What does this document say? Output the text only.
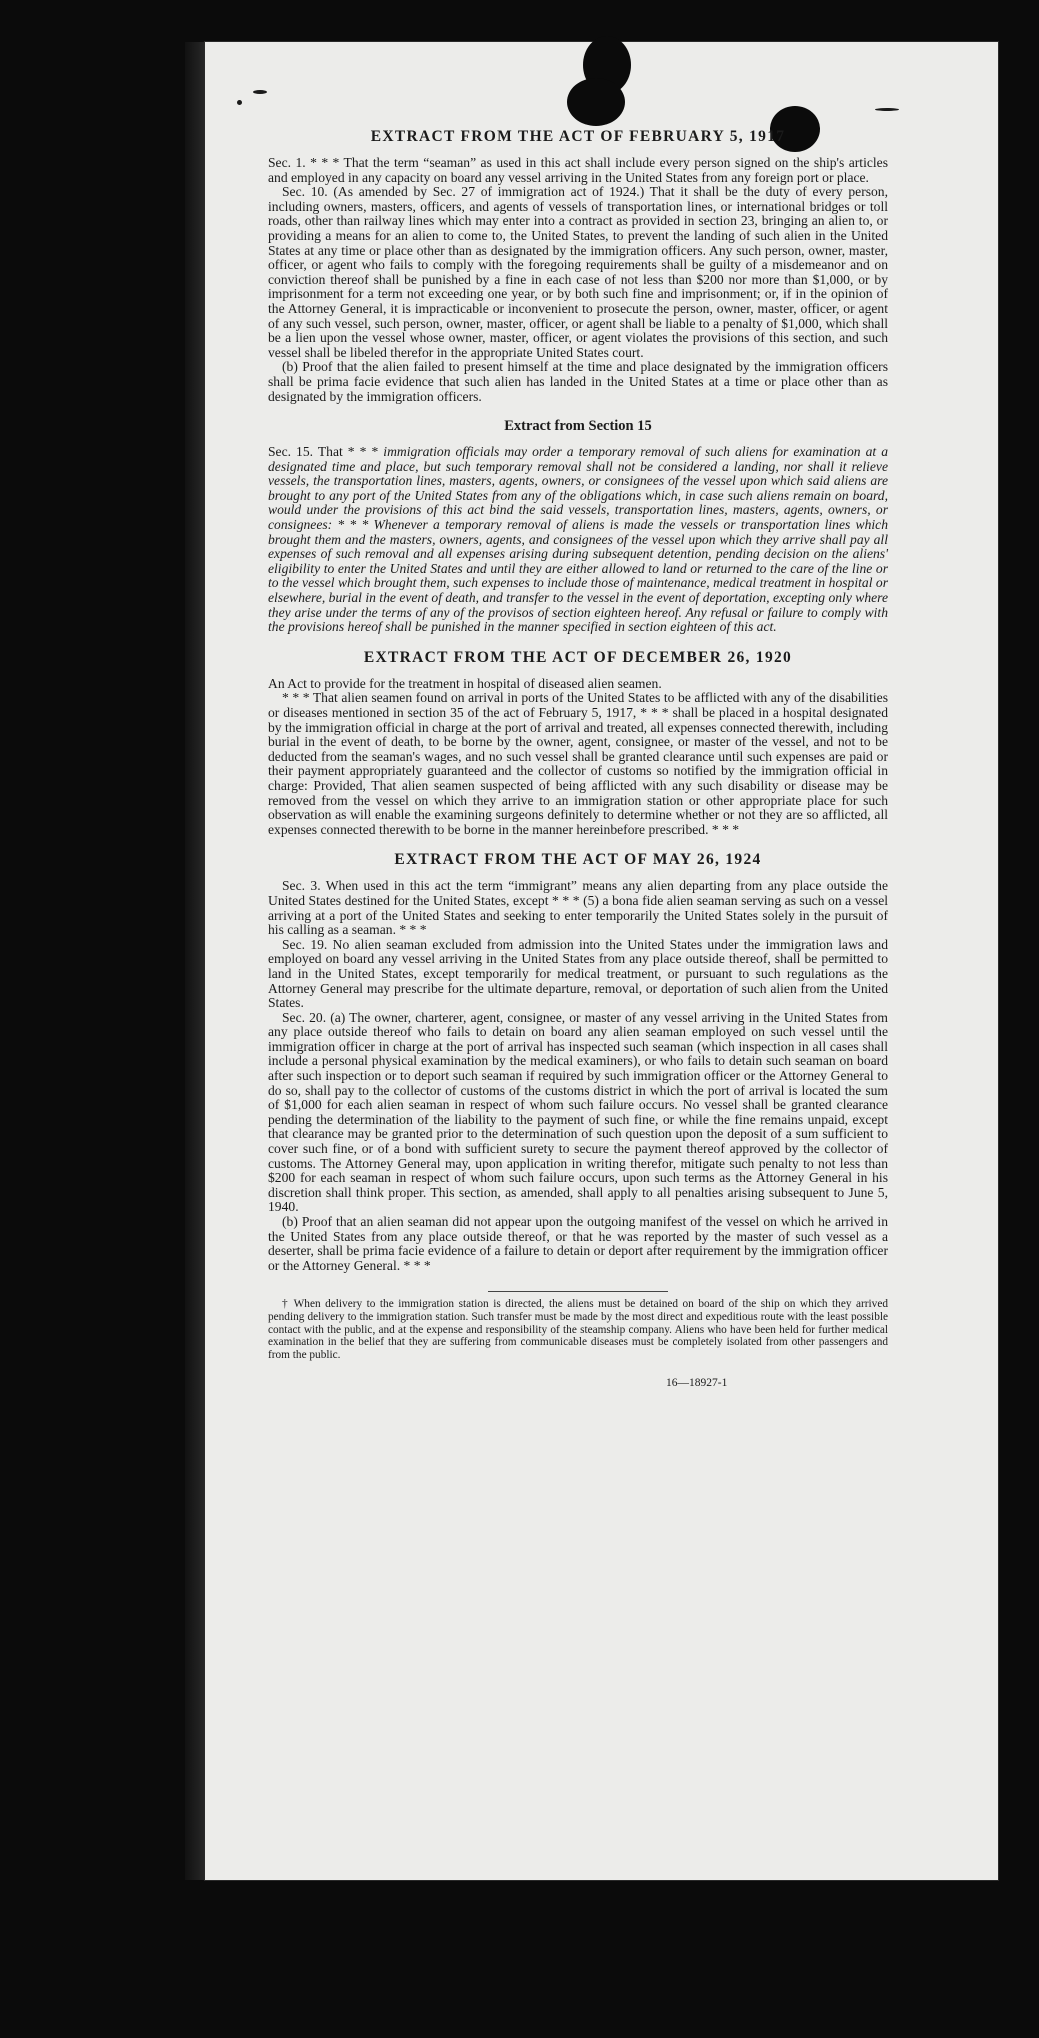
EXTRACT FROM THE ACT OF FEBRUARY 5, 1917

Sec. 1. * * * That the term “seaman” as used in this act shall include every person signed on the ship's articles and employed in any capacity on board any vessel arriving in the United States from any foreign port or place.

Sec. 10. (As amended by Sec. 27 of immigration act of 1924.) That it shall be the duty of every person, including owners, masters, officers, and agents of vessels of transportation lines, or international bridges or toll roads, other than railway lines which may enter into a contract as provided in section 23, bringing an alien to, or providing a means for an alien to come to, the United States, to prevent the landing of such alien in the United States at any time or place other than as designated by the immigration officers. Any such person, owner, master, officer, or agent who fails to comply with the foregoing requirements shall be guilty of a misdemeanor and on conviction thereof shall be punished by a fine in each case of not less than $200 nor more than $1,000, or by imprisonment for a term not exceeding one year, or by both such fine and imprisonment; or, if in the opinion of the Attorney General, it is impracticable or inconvenient to prosecute the person, owner, master, officer, or agent of any such vessel, such person, owner, master, officer, or agent shall be liable to a penalty of $1,000, which shall be a lien upon the vessel whose owner, master, officer, or agent violates the provisions of this section, and such vessel shall be libeled therefor in the appropriate United States court.

(b) Proof that the alien failed to present himself at the time and place designated by the immigration officers shall be prima facie evidence that such alien has landed in the United States at a time or place other than as designated by the immigration officers.

Extract from Section 15

Sec. 15. That * * * immigration officials may order a temporary removal of such aliens for examination at a designated time and place, but such temporary removal shall not be considered a landing, nor shall it relieve vessels, the transportation lines, masters, agents, owners, or consignees of the vessel upon which said aliens are brought to any port of the United States from any of the obligations which, in case such aliens remain on board, would under the provisions of this act bind the said vessels, transportation lines, masters, agents, owners, or consignees: * * * Whenever a temporary removal of aliens is made the vessels or transportation lines which brought them and the masters, owners, agents, and consignees of the vessel upon which they arrive shall pay all expenses of such removal and all expenses arising during subsequent detention, pending decision on the aliens' eligibility to enter the United States and until they are either allowed to land or returned to the care of the line or to the vessel which brought them, such expenses to include those of maintenance, medical treatment in hospital or elsewhere, burial in the event of death, and transfer to the vessel in the event of deportation, excepting only where they arise under the terms of any of the provisos of section eighteen hereof. Any refusal or failure to comply with the provisions hereof shall be punished in the manner specified in section eighteen of this act.

EXTRACT FROM THE ACT OF DECEMBER 26, 1920

An Act to provide for the treatment in hospital of diseased alien seamen.

* * * That alien seamen found on arrival in ports of the United States to be afflicted with any of the disabilities or diseases mentioned in section 35 of the act of February 5, 1917, * * * shall be placed in a hospital designated by the immigration official in charge at the port of arrival and treated, all expenses connected therewith, including burial in the event of death, to be borne by the owner, agent, consignee, or master of the vessel, and not to be deducted from the seaman's wages, and no such vessel shall be granted clearance until such expenses are paid or their payment appropriately guaranteed and the collector of customs so notified by the immigration official in charge: Provided, That alien seamen suspected of being afflicted with any such disability or disease may be removed from the vessel on which they arrive to an immigration station or other appropriate place for such observation as will enable the examining surgeons definitely to determine whether or not they are so afflicted, all expenses connected therewith to be borne in the manner hereinbefore prescribed. * * *

EXTRACT FROM THE ACT OF MAY 26, 1924

Sec. 3. When used in this act the term “immigrant” means any alien departing from any place outside the United States destined for the United States, except * * * (5) a bona fide alien seaman serving as such on a vessel arriving at a port of the United States and seeking to enter temporarily the United States solely in the pursuit of his calling as a seaman. * * *

Sec. 19. No alien seaman excluded from admission into the United States under the immigration laws and employed on board any vessel arriving in the United States from any place outside thereof, shall be permitted to land in the United States, except temporarily for medical treatment, or pursuant to such regulations as the Attorney General may prescribe for the ultimate departure, removal, or deportation of such alien from the United States.

Sec. 20. (a) The owner, charterer, agent, consignee, or master of any vessel arriving in the United States from any place outside thereof who fails to detain on board any alien seaman employed on such vessel until the immigration officer in charge at the port of arrival has inspected such seaman (which inspection in all cases shall include a personal physical examination by the medical examiners), or who fails to detain such seaman on board after such inspection or to deport such seaman if required by such immigration officer or the Attorney General to do so, shall pay to the collector of customs of the customs district in which the port of arrival is located the sum of $1,000 for each alien seaman in respect of whom such failure occurs. No vessel shall be granted clearance pending the determination of the liability to the payment of such fine, or while the fine remains unpaid, except that clearance may be granted prior to the determination of such question upon the deposit of a sum sufficient to cover such fine, or of a bond with sufficient surety to secure the payment thereof approved by the collector of customs. The Attorney General may, upon application in writing therefor, mitigate such penalty to not less than $200 for each seaman in respect of whom such failure occurs, upon such terms as the Attorney General in his discretion shall think proper. This section, as amended, shall apply to all penalties arising subsequent to June 5, 1940.

(b) Proof that an alien seaman did not appear upon the outgoing manifest of the vessel on which he arrived in the United States from any place outside thereof, or that he was reported by the master of such vessel as a deserter, shall be prima facie evidence of a failure to detain or deport after requirement by the immigration officer or the Attorney General. * * *

† When delivery to the immigration station is directed, the aliens must be detained on board of the ship on which they arrived pending delivery to the immigration station. Such transfer must be made by the most direct and expeditious route with the least possible contact with the public, and at the expense and responsibility of the steamship company. Aliens who have been held for further medical examination in the belief that they are suffering from communicable diseases must be completely isolated from other passengers and from the public.
16—18927-1
